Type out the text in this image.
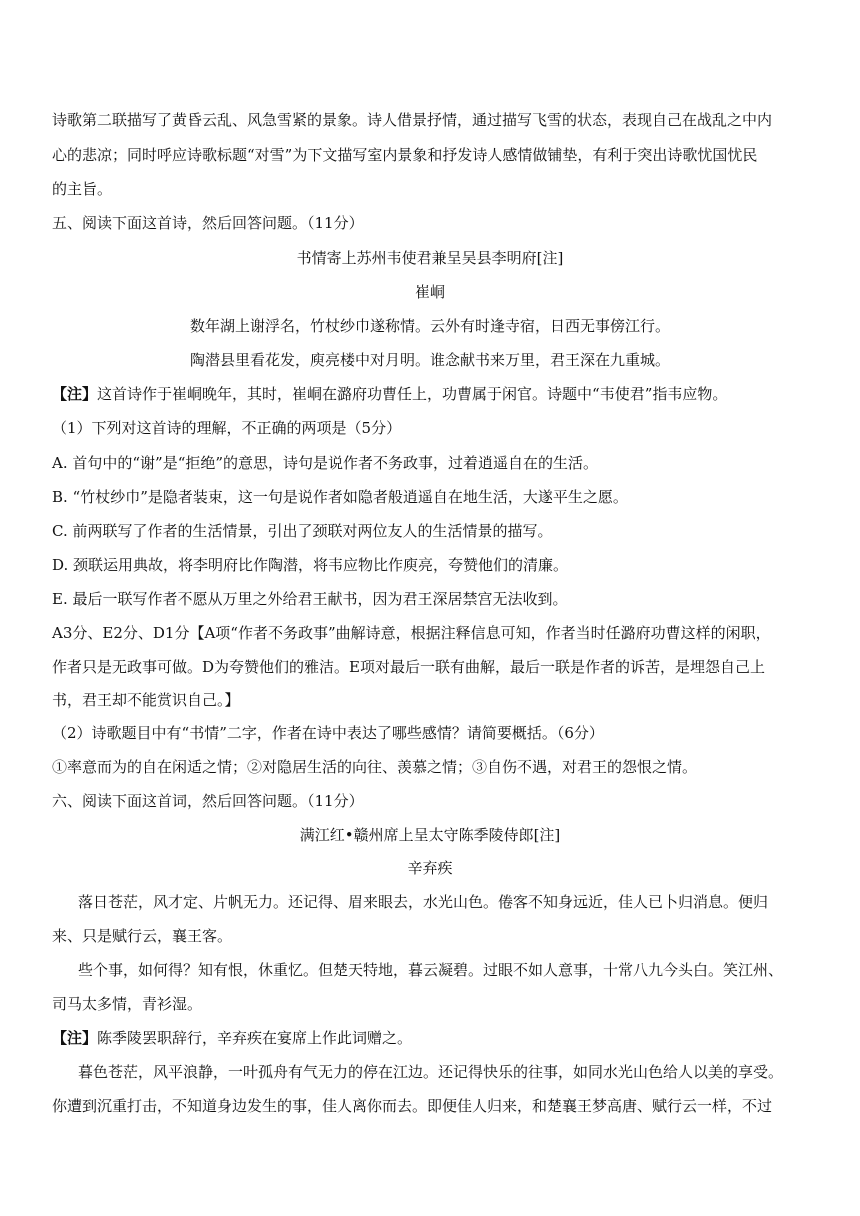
诗歌第二联描写了黄昏云乱、风急雪紧的景象。诗人借景抒情，通过描写飞雪的状态，表现自己在战乱之中内
心的悲凉；同时呼应诗歌标题“对雪”为下文描写室内景象和抒发诗人感情做铺垫，有利于突出诗歌忧国忧民
的主旨。
五、阅读下面这首诗，然后回答问题。（11分）
书情寄上苏州韦使君兼呈吴县李明府[注]
崔峒
数年湖上谢浮名，竹杖纱巾遂称情。云外有时逢寺宿，日西无事傍江行。
陶潜县里看花发，庾亮楼中对月明。谁念献书来万里，君王深在九重城。
【注】这首诗作于崔峒晚年，其时，崔峒在潞府功曹任上，功曹属于闲官。诗题中“韦使君”指韦应物。
（1）下列对这首诗的理解，不正确的两项是（5分）
A. 首句中的“谢”是“拒绝”的意思，诗句是说作者不务政事，过着逍遥自在的生活。
B. “竹杖纱巾”是隐者装束，这一句是说作者如隐者般逍遥自在地生活，大遂平生之愿。
C. 前两联写了作者的生活情景，引出了颈联对两位友人的生活情景的描写。
D. 颈联运用典故，将李明府比作陶潜，将韦应物比作庾亮，夸赞他们的清廉。
E. 最后一联写作者不愿从万里之外给君王献书，因为君王深居禁宫无法收到。
A3分、E2分、D1分【A项“作者不务政事”曲解诗意，根据注释信息可知，作者当时任潞府功曹这样的闲职，
作者只是无政事可做。D为夸赞他们的雅洁。E项对最后一联有曲解，最后一联是作者的诉苦，是埋怨自己上
书，君王却不能赏识自己。】
（2）诗歌题目中有“书情”二字，作者在诗中表达了哪些感情？请简要概括。（6分）
①率意而为的自在闲适之情；②对隐居生活的向往、羡慕之情；③自伤不遇，对君王的怨恨之情。
六、阅读下面这首词，然后回答问题。（11分）
满江红•赣州席上呈太守陈季陵侍郎[注]
辛弃疾
落日苍茫，风才定、片帆无力。还记得、眉来眼去，水光山色。倦客不知身远近，佳人已卜归消息。便归
来、只是赋行云，襄王客。
些个事，如何得？知有恨，休重忆。但楚天特地，暮云凝碧。过眼不如人意事，十常八九今头白。笑江州、
司马太多情，青衫湿。
【注】陈季陵罢职辞行，辛弃疾在宴席上作此词赠之。
暮色苍茫，风平浪静，一叶孤舟有气无力的停在江边。还记得快乐的往事，如同水光山色给人以美的享受。
你遭到沉重打击，不知道身边发生的事，佳人离你而去。即便佳人归来，和楚襄王梦高唐、赋行云一样，不过
